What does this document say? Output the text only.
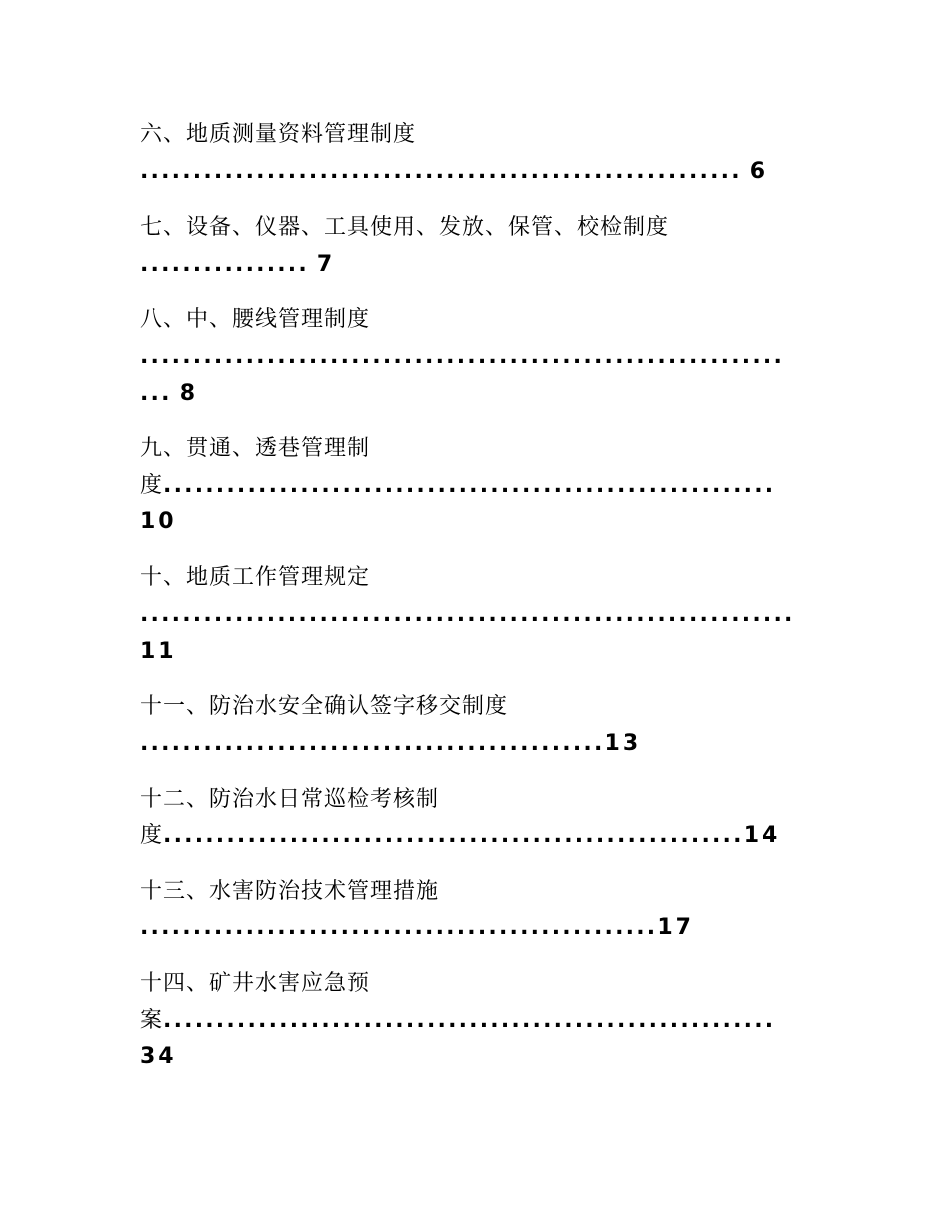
六、地质测量资料管理制度
......................................................... 6
七、设备、仪器、工具使用、发放、保管、校检制度
................ 7
八、中、腰线管理制度
.............................................................
... 8
九、贯通、透巷管理制
度..........................................................
10
十、地质工作管理规定
..............................................................
11
十一、防治水安全确认签字移交制度
............................................13
十二、防治水日常巡检考核制
度.......................................................14
十三、水害防治技术管理措施
.................................................17
十四、矿井水害应急预
案..........................................................
34
